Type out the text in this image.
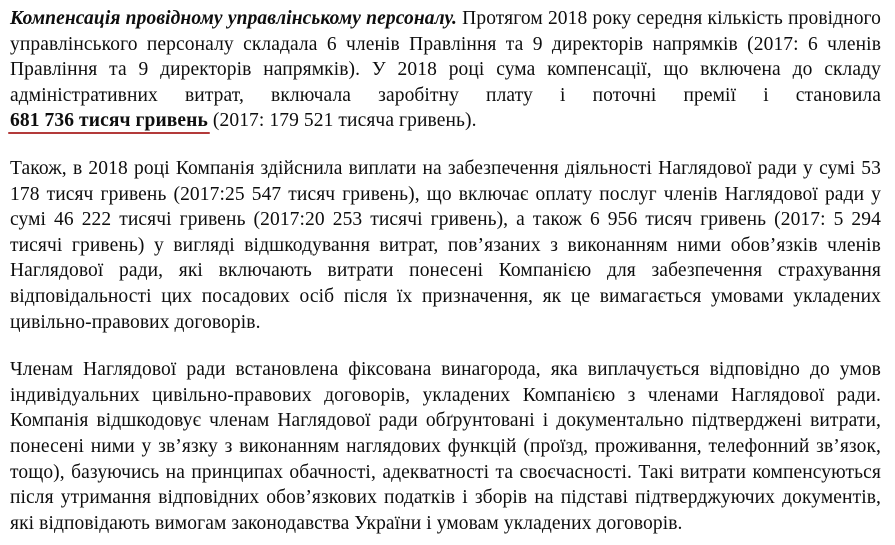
Компенсація провідному управлінському персоналу. Протягом 2018 року середня кількість провідного управлінського персоналу складала 6 членів Правління та 9 директорів напрямків (2017: 6 членів Правління та 9 директорів напрямків). У 2018 році сума компенсації, що включена до складу адміністративних витрат, включала заробітну плату і поточні премії і становила 681 736 тисяч гривень (2017: 179 521 тисяча гривень).

Також, в 2018 році Компанія здійснила виплати на забезпечення діяльності Наглядової ради у сумі 53 178 тисяч гривень (2017:25 547 тисяч гривень), що включає оплату послуг членів Наглядової ради у сумі 46 222 тисячі гривень (2017:20 253 тисячі гривень), а також 6 956 тисяч гривень (2017: 5 294 тисячі гривень) у вигляді відшкодування витрат, пов’язаних з виконанням ними обов’язків членів Наглядової ради, які включають витрати понесені Компанією для забезпечення страхування відповідальності цих посадових осіб після їх призначення, як це вимагається умовами укладених цивільно-правових договорів.

Членам Наглядової ради встановлена фіксована винагорода, яка виплачується відповідно до умов індивідуальних цивільно-правових договорів, укладених Компанією з членами Наглядової ради. Компанія відшкодовує членам Наглядової ради обґрунтовані і документально підтверджені витрати, понесені ними у зв’язку з виконанням наглядових функцій (проїзд, проживання, телефонний зв’язок, тощо), базуючись на принципах обачності, адекватності та своєчасності. Такі витрати компенсуються після утримання відповідних обов’язкових податків і зборів на підставі підтверджуючих документів, які відповідають вимогам законодавства України і умовам укладених договорів.
